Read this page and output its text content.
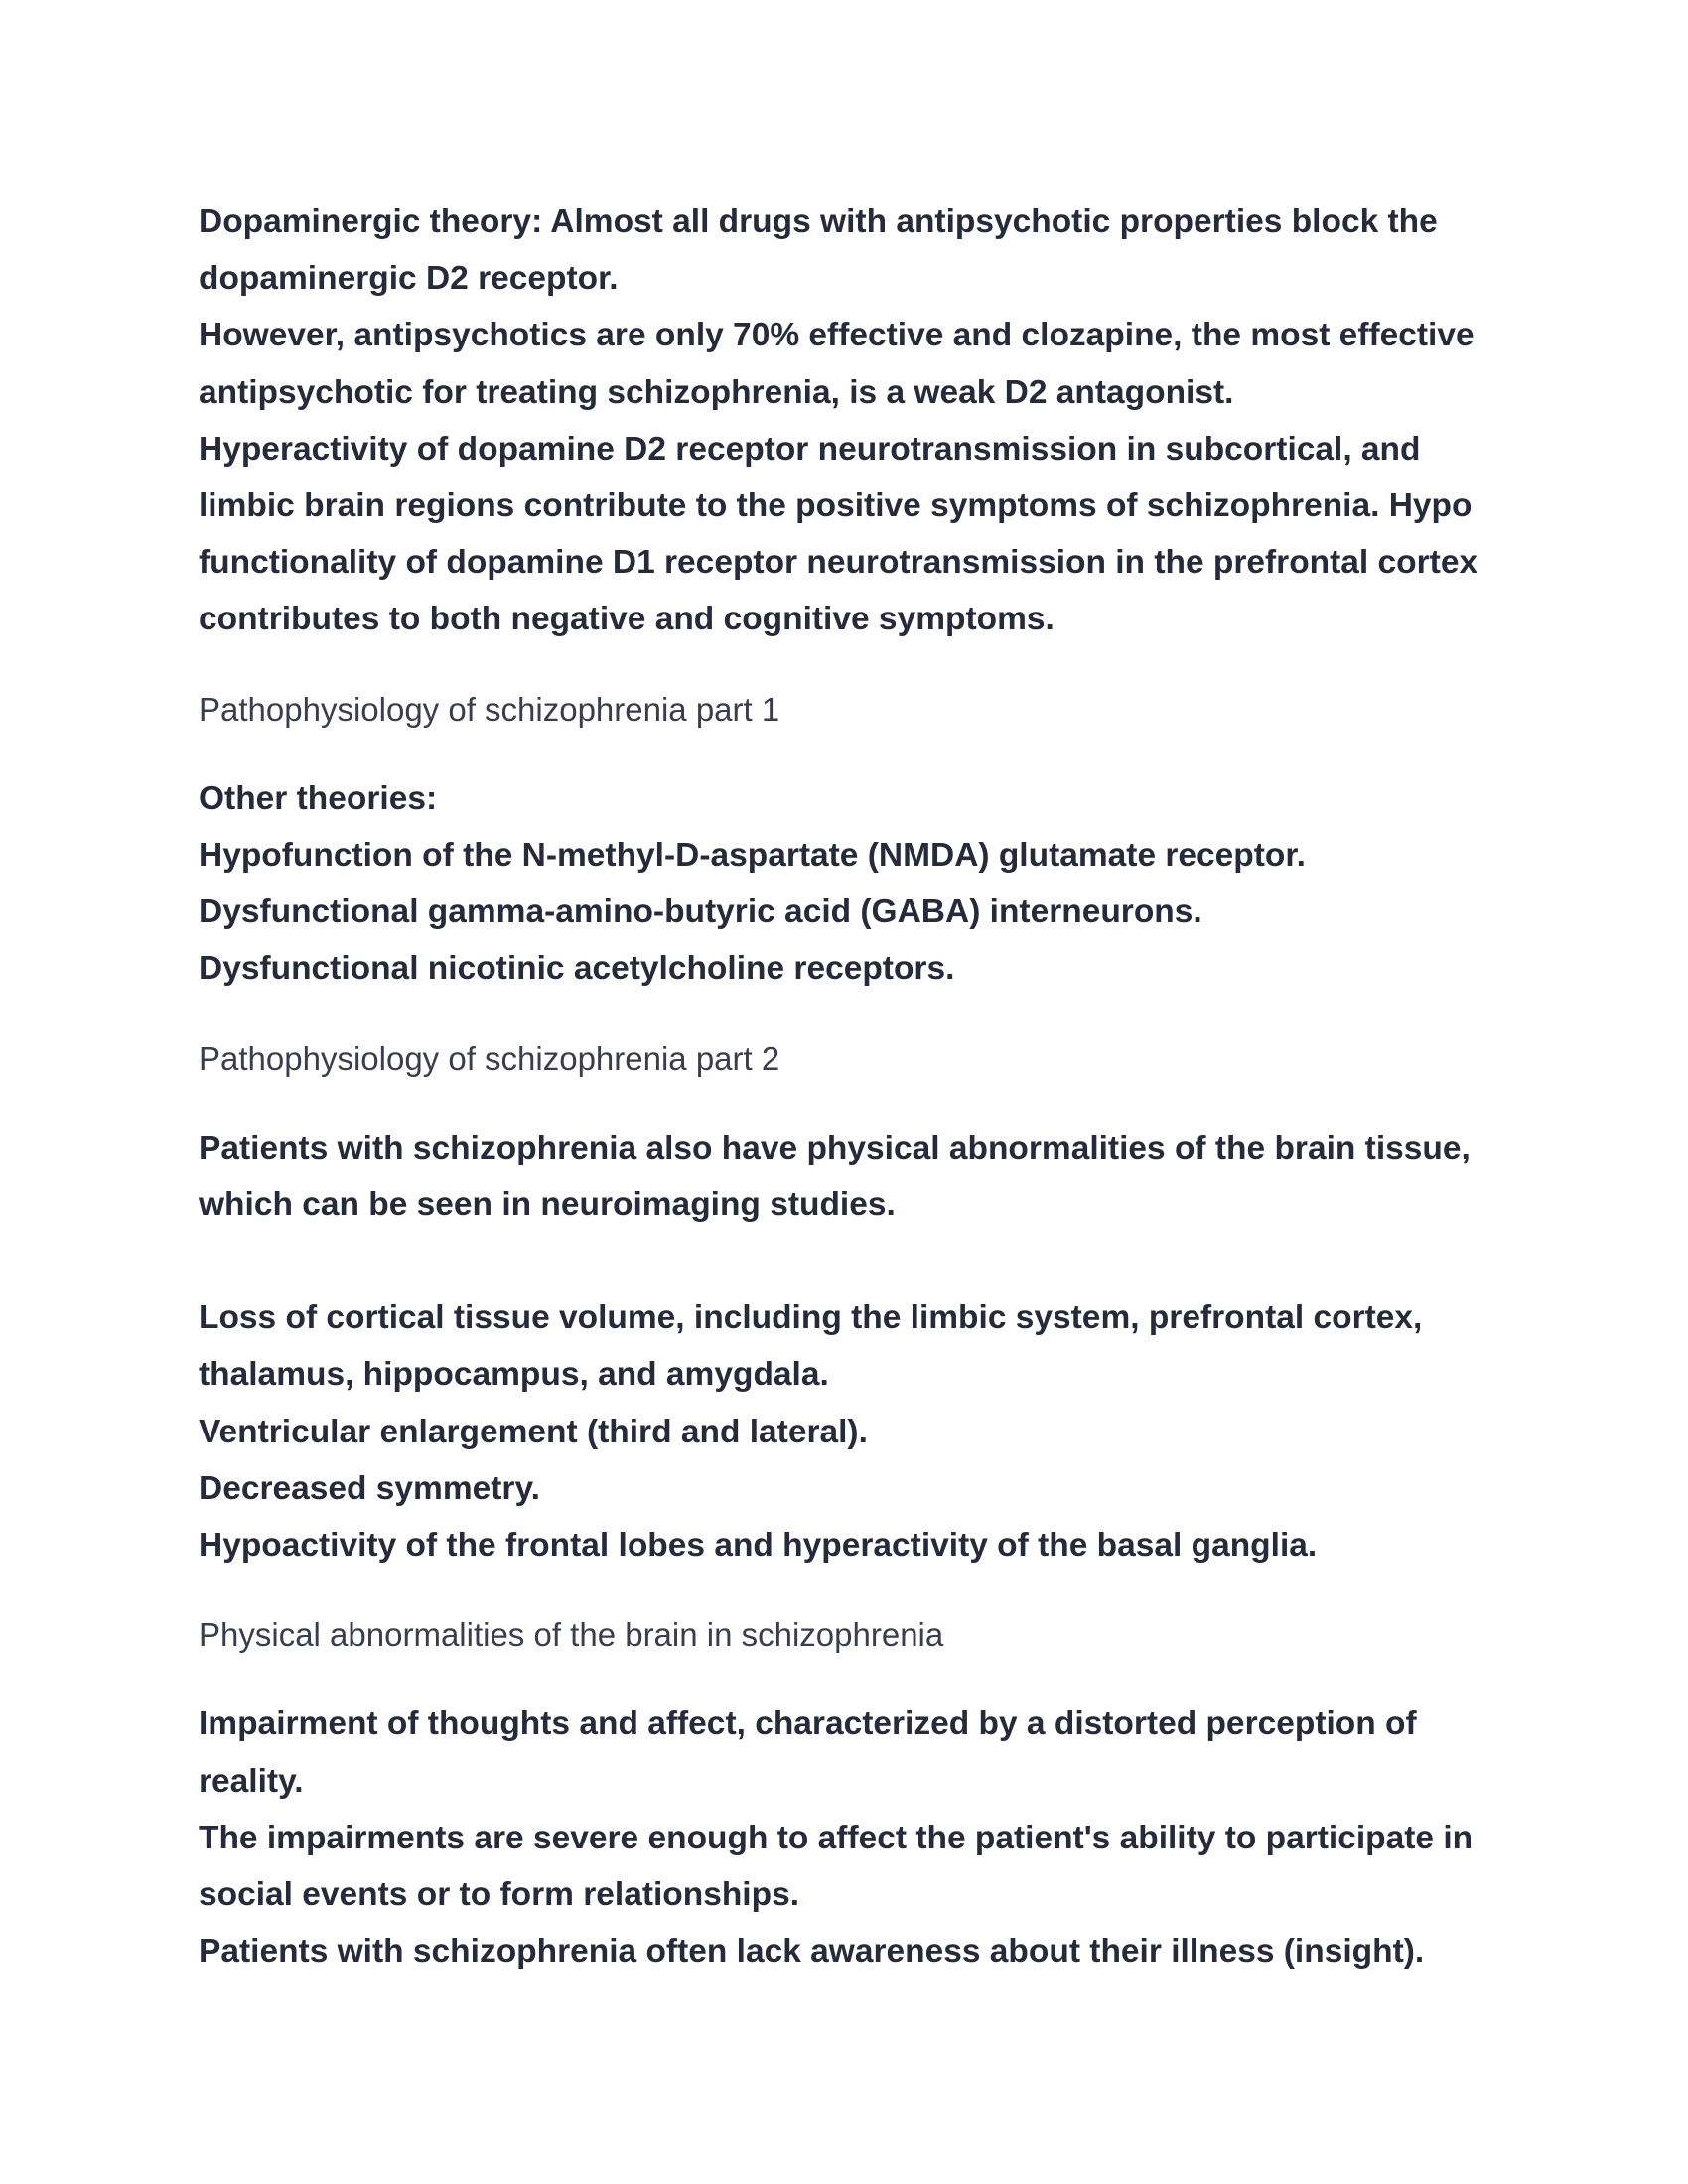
Dopaminergic theory: Almost all drugs with antipsychotic properties block the
dopaminergic D2 receptor.
However, antipsychotics are only 70% effective and clozapine, the most effective
antipsychotic for treating schizophrenia, is a weak D2 antagonist.
Hyperactivity of dopamine D2 receptor neurotransmission in subcortical, and
limbic brain regions contribute to the positive symptoms of schizophrenia. Hypo
functionality of dopamine D1 receptor neurotransmission in the prefrontal cortex
contributes to both negative and cognitive symptoms.
Pathophysiology of schizophrenia part 1
Other theories:
Hypofunction of the N-methyl-D-aspartate (NMDA) glutamate receptor.
Dysfunctional gamma-amino-butyric acid (GABA) interneurons.
Dysfunctional nicotinic acetylcholine receptors.
Pathophysiology of schizophrenia part 2
Patients with schizophrenia also have physical abnormalities of the brain tissue,
which can be seen in neuroimaging studies.
Loss of cortical tissue volume, including the limbic system, prefrontal cortex,
thalamus, hippocampus, and amygdala.
Ventricular enlargement (third and lateral).
Decreased symmetry.
Hypoactivity of the frontal lobes and hyperactivity of the basal ganglia.
Physical abnormalities of the brain in schizophrenia
Impairment of thoughts and affect, characterized by a distorted perception of
reality.
The impairments are severe enough to affect the patient's ability to participate in
social events or to form relationships.
Patients with schizophrenia often lack awareness about their illness (insight).
